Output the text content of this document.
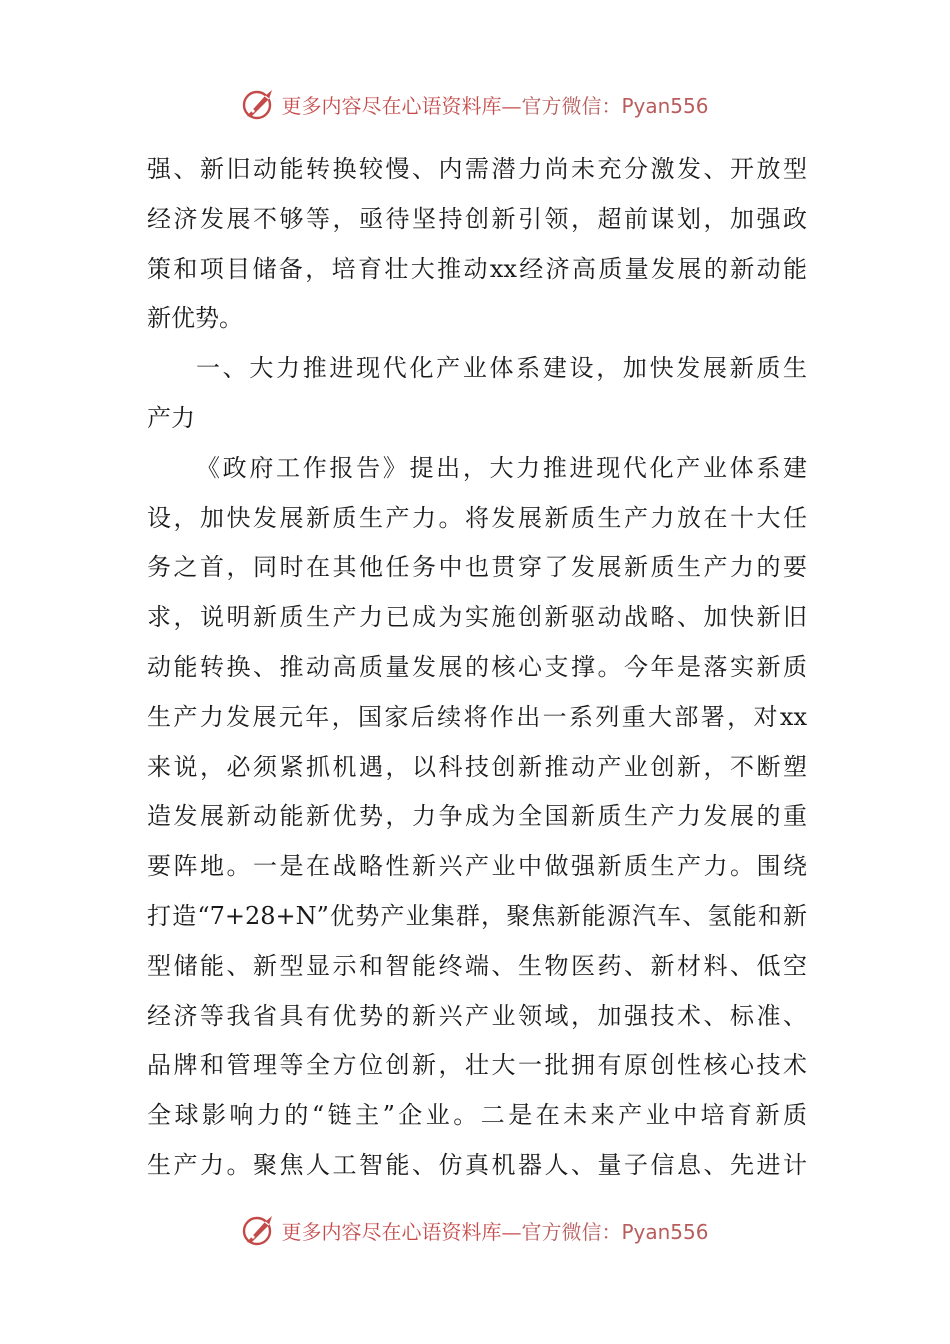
更多内容尽在心语资料库— 官方微信：Pyan556
强、新旧动能转换较慢、内需潜力尚未充分激发、开放型
经济发展不够等，亟待坚持创新引领，超前谋划，加强政
策和项目储备，培育壮大推动xx经济高质量发展的新动能
新优势。
一、大力推进现代化产业体系建设，加快发展新质生
产力
《政府工作报告》提出，大力推进现代化产业体系建
设，加快发展新质生产力。将发展新质生产力放在十大任
务之首，同时在其他任务中也贯穿了发展新质生产力的要
求，说明新质生产力已成为实施创新驱动战略、加快新旧
动能转换、推动高质量发展的核心支撑。今年是落实新质
生产力发展元年，国家后续将作出一系列重大部署，对xx
来说，必须紧抓机遇，以科技创新推动产业创新，不断塑
造发展新动能新优势，力争成为全国新质生产力发展的重
要阵地。一是在战略性新兴产业中做强新质生产力。围绕
打造“7+28+N”优势产业集群，聚焦新能源汽车、氢能和新
型储能、新型显示和智能终端、生物医药、新材料、低空
经济等我省具有优势的新兴产业领域，加强技术、标准、
品牌和管理等全方位创新，壮大一批拥有原创性核心技术
全球影响力的“链主”企业。二是在未来产业中培育新质
生产力。聚焦人工智能、仿真机器人、量子信息、先进计
更多内容尽在心语资料库— 官方微信：Pyan556
